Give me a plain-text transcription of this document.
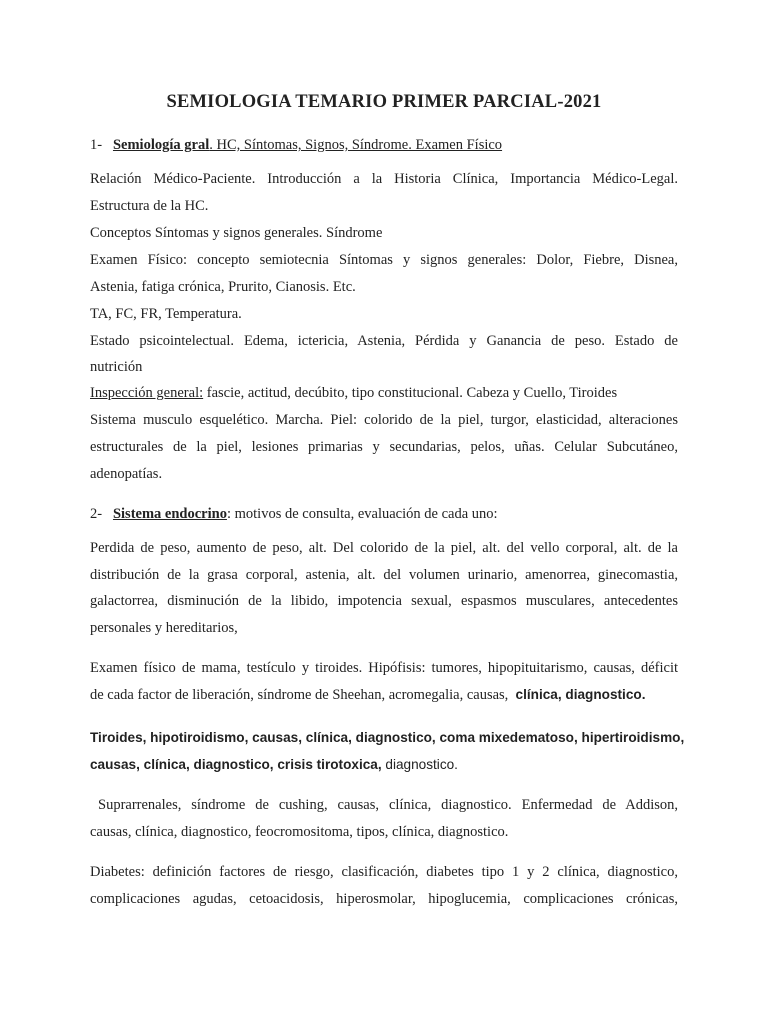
SEMIOLOGIA TEMARIO PRIMER PARCIAL-2021
1- Semiología gral. HC, Síntomas, Signos, Síndrome. Examen Físico
Relación Médico-Paciente. Introducción a la Historia Clínica, Importancia Médico-Legal.
Estructura de la HC.
Conceptos Síntomas y signos generales. Síndrome
Examen Físico: concepto semiotecnia Síntomas y signos generales: Dolor, Fiebre, Disnea,
Astenia, fatiga crónica, Prurito, Cianosis. Etc.
TA, FC, FR, Temperatura.
Estado psicointelectual. Edema, ictericia, Astenia, Pérdida y Ganancia de peso. Estado de
nutrición
Inspección general: fascie, actitud, decúbito, tipo constitucional. Cabeza y Cuello, Tiroides
Sistema musculo esquelético. Marcha. Piel: colorido de la piel, turgor, elasticidad, alteraciones
estructurales de la piel, lesiones primarias y secundarias, pelos, uñas. Celular Subcutáneo,
adenopatías.
2- Sistema endocrino: motivos de consulta, evaluación de cada uno:
Perdida de peso, aumento de peso, alt. Del colorido de la piel, alt. del vello corporal, alt. de la
distribución de la grasa corporal, astenia, alt. del volumen urinario, amenorrea, ginecomastia,
galactorrea, disminución de la libido, impotencia sexual, espasmos musculares, antecedentes
personales y hereditarios,
Examen físico de mama, testículo y tiroides. Hipófisis: tumores, hipopituitarismo, causas, déficit
de cada factor de liberación, síndrome de Sheehan, acromegalia, causas, clínica, diagnostico.
Tiroides, hipotiroidismo, causas, clínica, diagnostico, coma mixedematoso, hipertiroidismo,
causas, clínica, diagnostico, crisis tirotoxica, diagnostico.
Suprarrenales, síndrome de cushing, causas, clínica, diagnostico. Enfermedad de Addison,
causas, clínica, diagnostico, feocromositoma, tipos, clínica, diagnostico.
Diabetes: definición factores de riesgo, clasificación, diabetes tipo 1 y 2 clínica, diagnostico,
complicaciones agudas, cetoacidosis, hiperosmolar, hipoglucemia, complicaciones crónicas,
